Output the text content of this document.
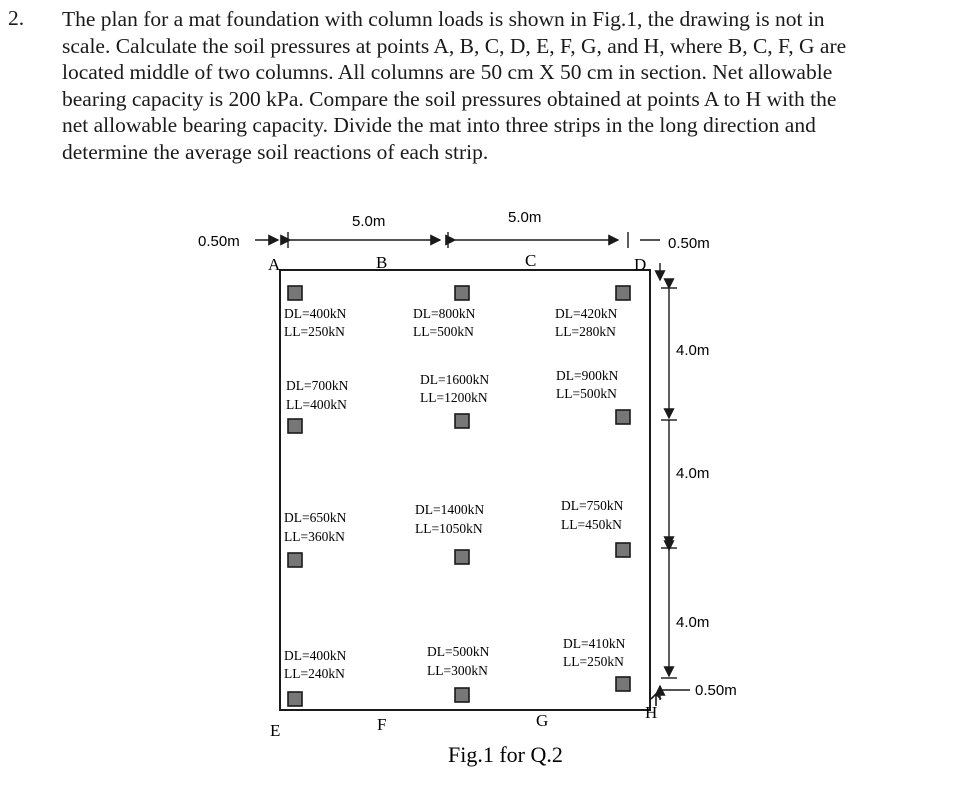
2.	The plan for a mat foundation with column loads is shown in Fig.1, the drawing is not in

scale. Calculate the soil pressures at points A, B, C, D, E, F, G, and H, where B, C, F, G are

located middle of two columns. All columns are 50 cm X 50 cm in section. Net allowable

bearing capacity is 200 kPa. Compare the soil pressures obtained at points A to H with the

net allowable bearing capacity. Divide the mat into three strips in the long direction and

determine the average soil reactions of each strip.

0.50m
5.0m	5.0m
0.50m
4.0m
4.0m
4.0m
0.50m
A	B	C	D
E	F	G	H
DL=400kN
LL=250kN
DL=800kN
LL=500kN
DL=420kN
LL=280kN
DL=700kN
LL=400kN
DL=1600kN
LL=1200kN
DL=900kN
LL=500kN
DL=650kN
LL=360kN
DL=1400kN
LL=1050kN
DL=750kN
LL=450kN
DL=400kN
LL=240kN
DL=500kN
LL=300kN
DL=410kN
LL=250kN
Fig.1 for Q.2
